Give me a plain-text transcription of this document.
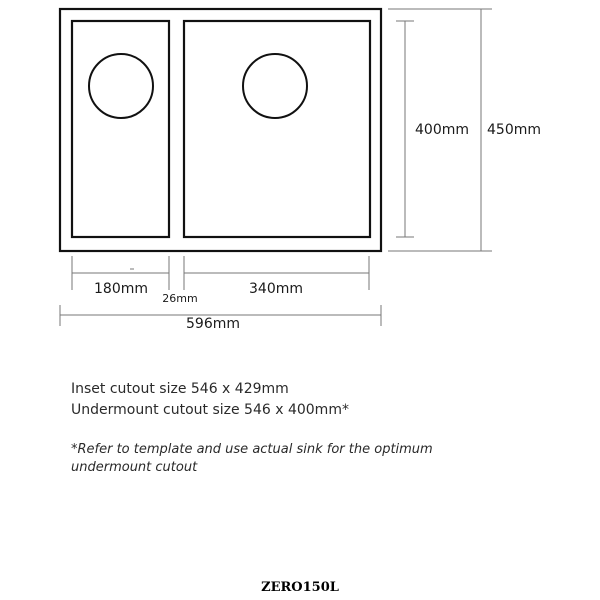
180mm	340mm
26mm
596mm
400mm 450mm
Inset cutout size 546 x 429mm
Undermount cutout size 546 x 400mm*
*Refer to template and use actual sink for the optimum undermount cutout
ZERO150L
